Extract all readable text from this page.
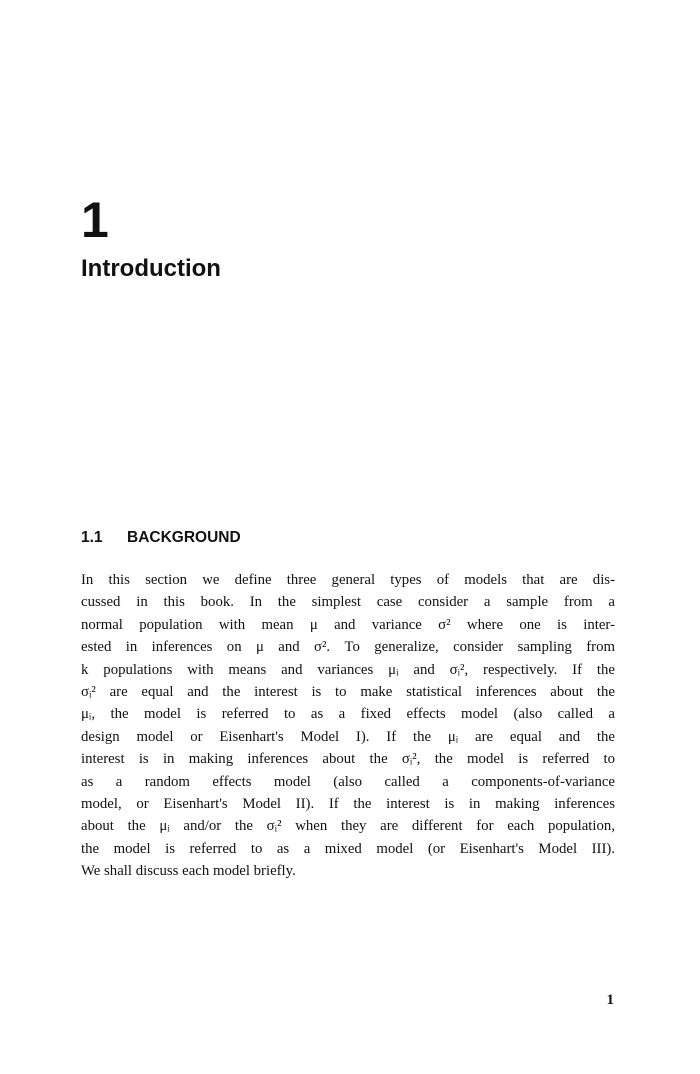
1
Introduction
1.1 BACKGROUND
In this section we define three general types of models that are dis-
cussed in this book. In the simplest case consider a sample from a
normal population with mean μ and variance σ² where one is inter-
ested in inferences on μ and σ². To generalize, consider sampling from
k populations with means and variances μᵢ and σᵢ², respectively. If the
σᵢ² are equal and the interest is to make statistical inferences about the
μᵢ, the model is referred to as a fixed effects model (also called a
design model or Eisenhart's Model I). If the μᵢ are equal and the
interest is in making inferences about the σᵢ², the model is referred to
as a random effects model (also called a components-of-variance
model, or Eisenhart's Model II). If the interest is in making inferences
about the μᵢ and/or the σᵢ² when they are different for each population,
the model is referred to as a mixed model (or Eisenhart's Model III).
We shall discuss each model briefly.
1
